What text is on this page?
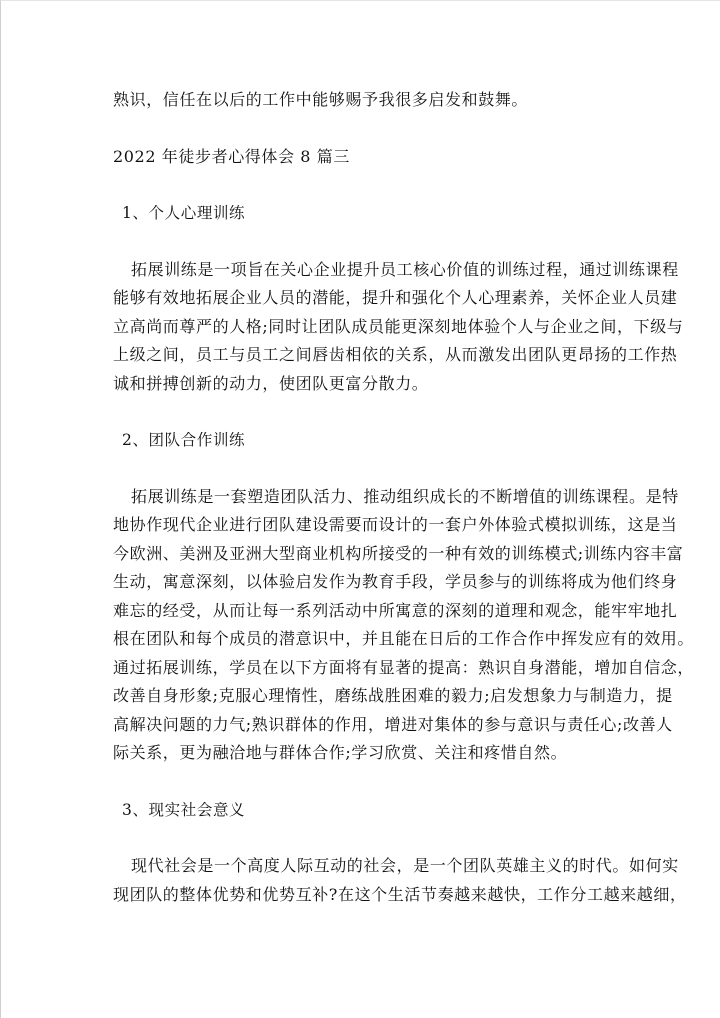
熟识，信任在以后的工作中能够赐予我很多启发和鼓舞。
2022 年徒步者心得体会 8 篇三
1、个人心理训练
拓展训练是一项旨在关心企业提升员工核心价值的训练过程，通过训练课程
能够有效地拓展企业人员的潜能，提升和强化个人心理素养，关怀企业人员建
立高尚而尊严的人格;同时让团队成员能更深刻地体验个人与企业之间，下级与
上级之间，员工与员工之间唇齿相依的关系，从而激发出团队更昂扬的工作热
诚和拼搏创新的动力，使团队更富分散力。
2、团队合作训练
拓展训练是一套塑造团队活力、推动组织成长的不断增值的训练课程。是特
地协作现代企业进行团队建设需要而设计的一套户外体验式模拟训练，这是当
今欧洲、美洲及亚洲大型商业机构所接受的一种有效的训练模式;训练内容丰富
生动，寓意深刻，以体验启发作为教育手段，学员参与的训练将成为他们终身
难忘的经受，从而让每一系列活动中所寓意的深刻的道理和观念，能牢牢地扎
根在团队和每个成员的潜意识中，并且能在日后的工作合作中挥发应有的效用。
通过拓展训练，学员在以下方面将有显著的提高：熟识自身潜能，增加自信念，
改善自身形象;克服心理惰性，磨练战胜困难的毅力;启发想象力与制造力，提
高解决问题的力气;熟识群体的作用，增进对集体的参与意识与责任心;改善人
际关系，更为融洽地与群体合作;学习欣赏、关注和疼惜自然。
3、现实社会意义
现代社会是一个高度人际互动的社会，是一个团队英雄主义的时代。如何实
现团队的整体优势和优势互补?在这个生活节奏越来越快，工作分工越来越细，
